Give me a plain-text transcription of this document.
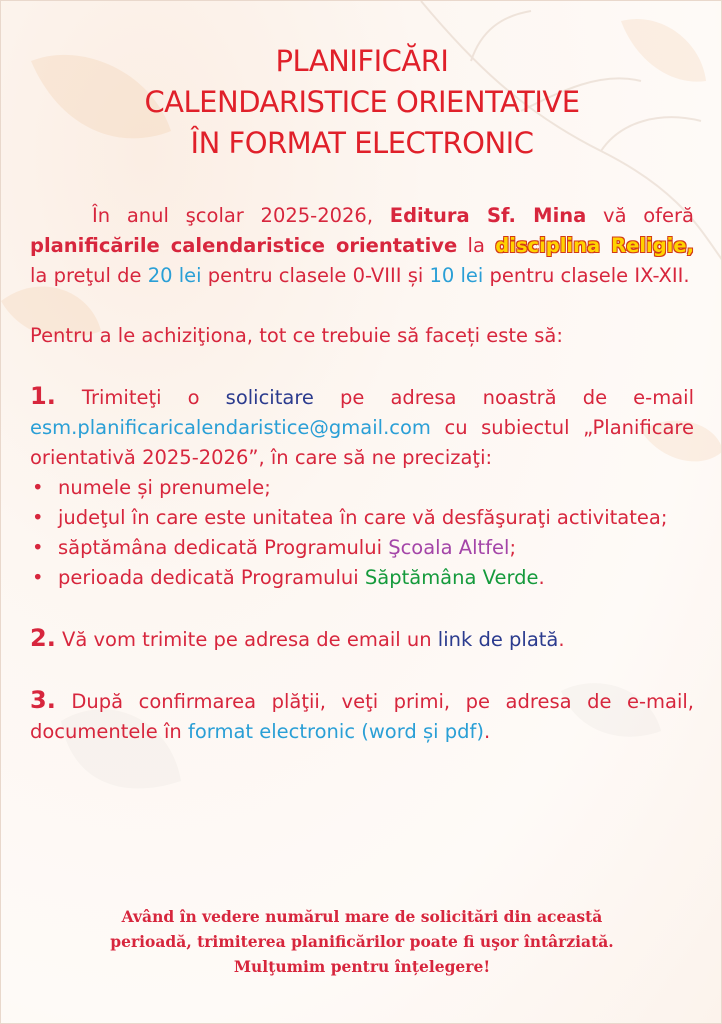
PLANIFICĂRI
CALENDARISTICE ORIENTATIVE
ÎN FORMAT ELECTRONIC

În anul şcolar 2025-2026, Editura Sf. Mina vă oferă planificările calendaristice orientative la disciplina Religie, la preţul de 20 lei pentru clasele 0-VIII și 10 lei pentru clasele IX-XII.

Pentru a le achiziţiona, tot ce trebuie să faceți este să:

1. Trimiteţi o solicitare pe adresa noastră de e-mail esm.planificaricalendaristice@gmail.com cu subiectul „Planificare orientativă 2025-2026”, în care să ne precizaţi:

• numele și prenumele;
• judeţul în care este unitatea în care vă desfăşuraţi activitatea;
• săptămâna dedicată Programului Şcoala Altfel;
• perioada dedicată Programului Săptămâna Verde.

2. Vă vom trimite pe adresa de email un link de plată.

3. După confirmarea plăţii, veţi primi, pe adresa de e-mail, documentele în format electronic (word și pdf).

Având în vedere numărul mare de solicitări din această
perioadă, trimiterea planificărilor poate fi uşor întârziată.
Mulţumim pentru înțelegere!
